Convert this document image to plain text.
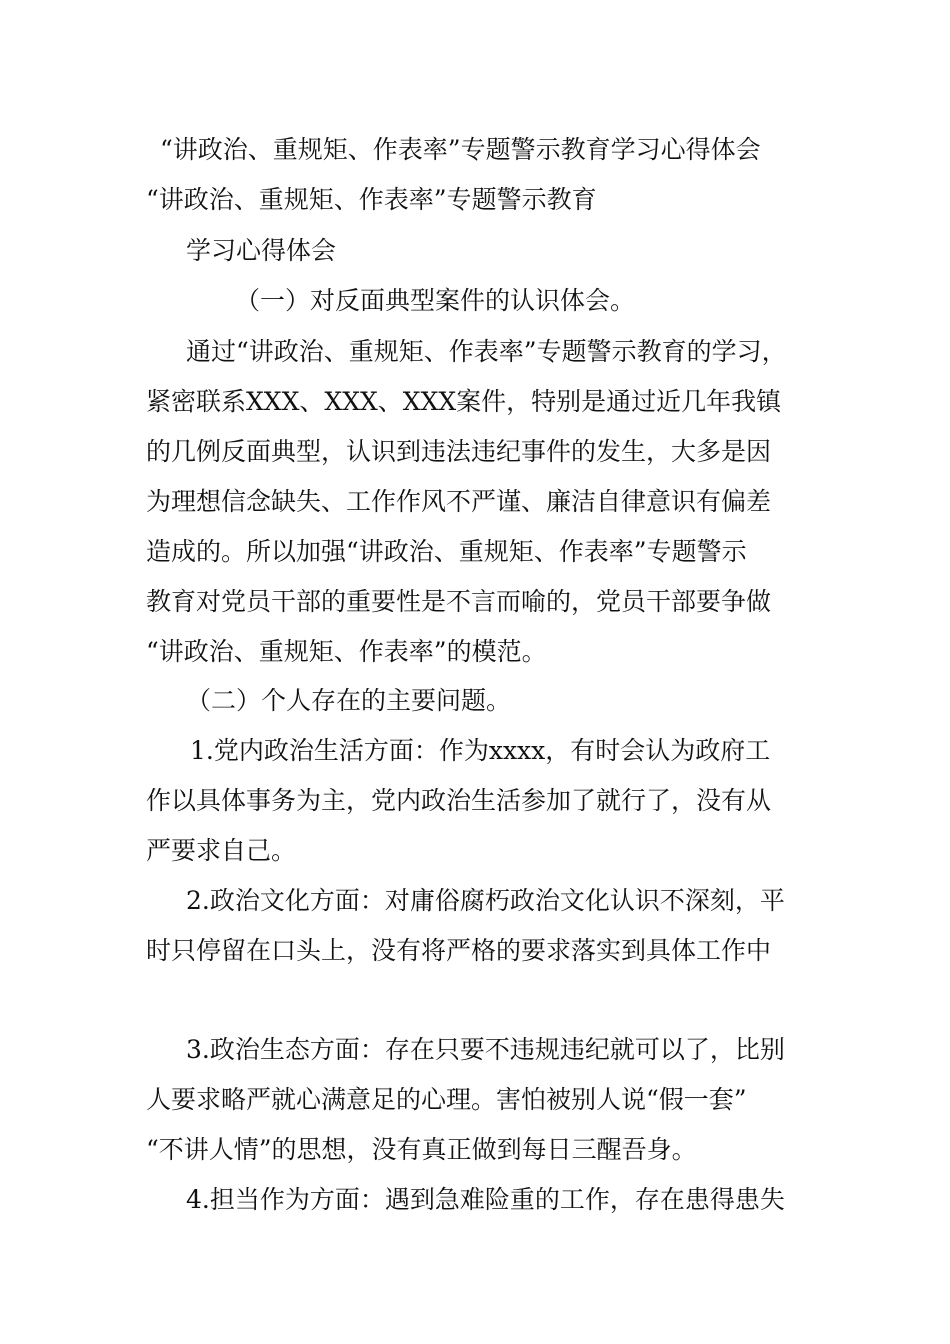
“讲政治、重规矩、作表率”专题警示教育学习心得体会

“讲政治、重规矩、作表率”专题警示教育

学习心得体会

（一）对反面典型案件的认识体会。

通过“讲政治、重规矩、作表率”专题警示教育的学习，

紧密联系XXX、XXX、XXX案件，特别是通过近几年我镇

的几例反面典型，认识到违法违纪事件的发生，大多是因

为理想信念缺失、工作作风不严谨、廉洁自律意识有偏差

造成的。所以加强“讲政治、重规矩、作表率”专题警示

教育对党员干部的重要性是不言而喻的，党员干部要争做

“讲政治、重规矩、作表率”的模范。

（二）个人存在的主要问题。

1.党内政治生活方面：作为xxxx，有时会认为政府工

作以具体事务为主，党内政治生活参加了就行了，没有从

严要求自己。

2.政治文化方面：对庸俗腐朽政治文化认识不深刻，平

时只停留在口头上，没有将严格的要求落实到具体工作中

3.政治生态方面：存在只要不违规违纪就可以了，比别

人要求略严就心满意足的心理。害怕被别人说“假一套”

“不讲人情”的思想，没有真正做到每日三醒吾身。

4.担当作为方面：遇到急难险重的工作，存在患得患失
